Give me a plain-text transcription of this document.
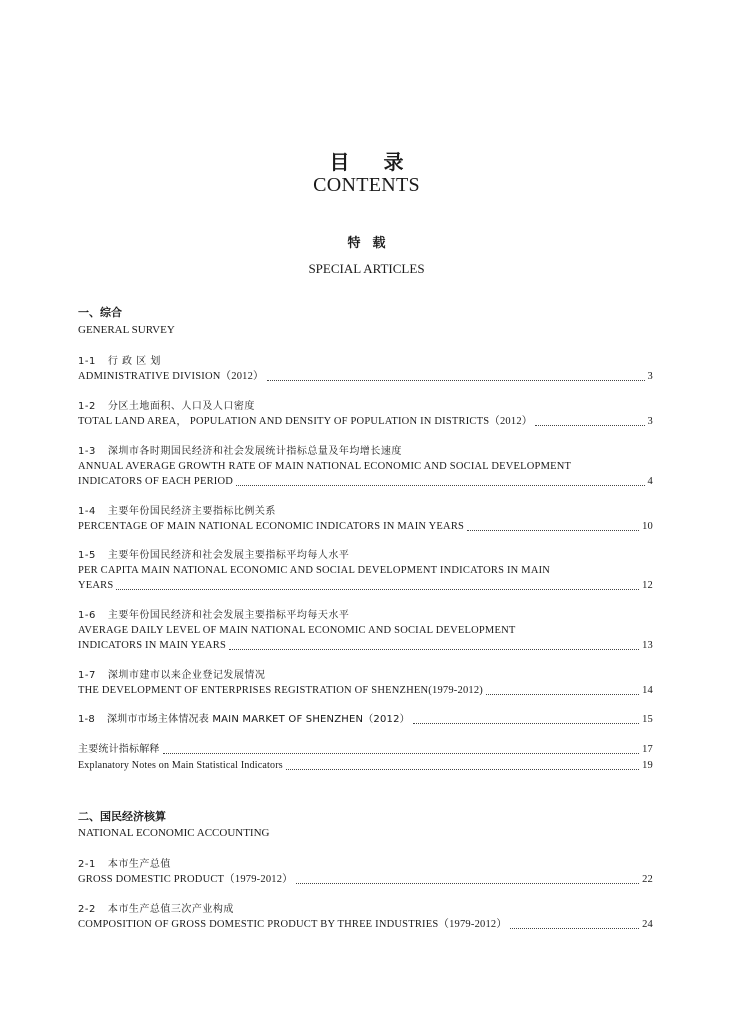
目录
CONTENTS
特载
SPECIAL ARTICLES
一、综合
GENERAL SURVEY
1-1 行 政 区 划
ADMINISTRATIVE DIVISION（2012）	3
1-2 分区土地面积、人口及人口密度
TOTAL LAND AREA， POPULATION AND DENSITY OF POPULATION IN DISTRICTS（2012）	3
1-3 深圳市各时期国民经济和社会发展统计指标总量及年均增长速度
ANNUAL AVERAGE GROWTH RATE OF MAIN NATIONAL ECONOMIC AND SOCIAL DEVELOPMENT
INDICATORS OF EACH PERIOD	4
1-4 主要年份国民经济主要指标比例关系
PERCENTAGE OF MAIN NATIONAL ECONOMIC INDICATORS IN MAIN YEARS	10
1-5 主要年份国民经济和社会发展主要指标平均每人水平
PER CAPITA MAIN NATIONAL ECONOMIC AND SOCIAL DEVELOPMENT INDICATORS IN MAIN
YEARS	12
1-6 主要年份国民经济和社会发展主要指标平均每天水平
AVERAGE DAILY LEVEL OF MAIN NATIONAL ECONOMIC AND SOCIAL DEVELOPMENT
INDICATORS IN MAIN YEARS	13
1-7 深圳市建市以来企业登记发展情况
THE DEVELOPMENT OF ENTERPRISES REGISTRATION OF SHENZHEN(1979-2012)	14
1-8 深圳市市场主体情况表 MAIN MARKET OF SHENZHEN（2012）	15
主要统计指标解释	17
Explanatory Notes on Main Statistical Indicators	19
二、国民经济核算
NATIONAL ECONOMIC ACCOUNTING
2-1 本市生产总值
GROSS DOMESTIC PRODUCT（1979-2012）	22
2-2 本市生产总值三次产业构成
COMPOSITION OF GROSS DOMESTIC PRODUCT BY THREE INDUSTRIES（1979-2012）	24
